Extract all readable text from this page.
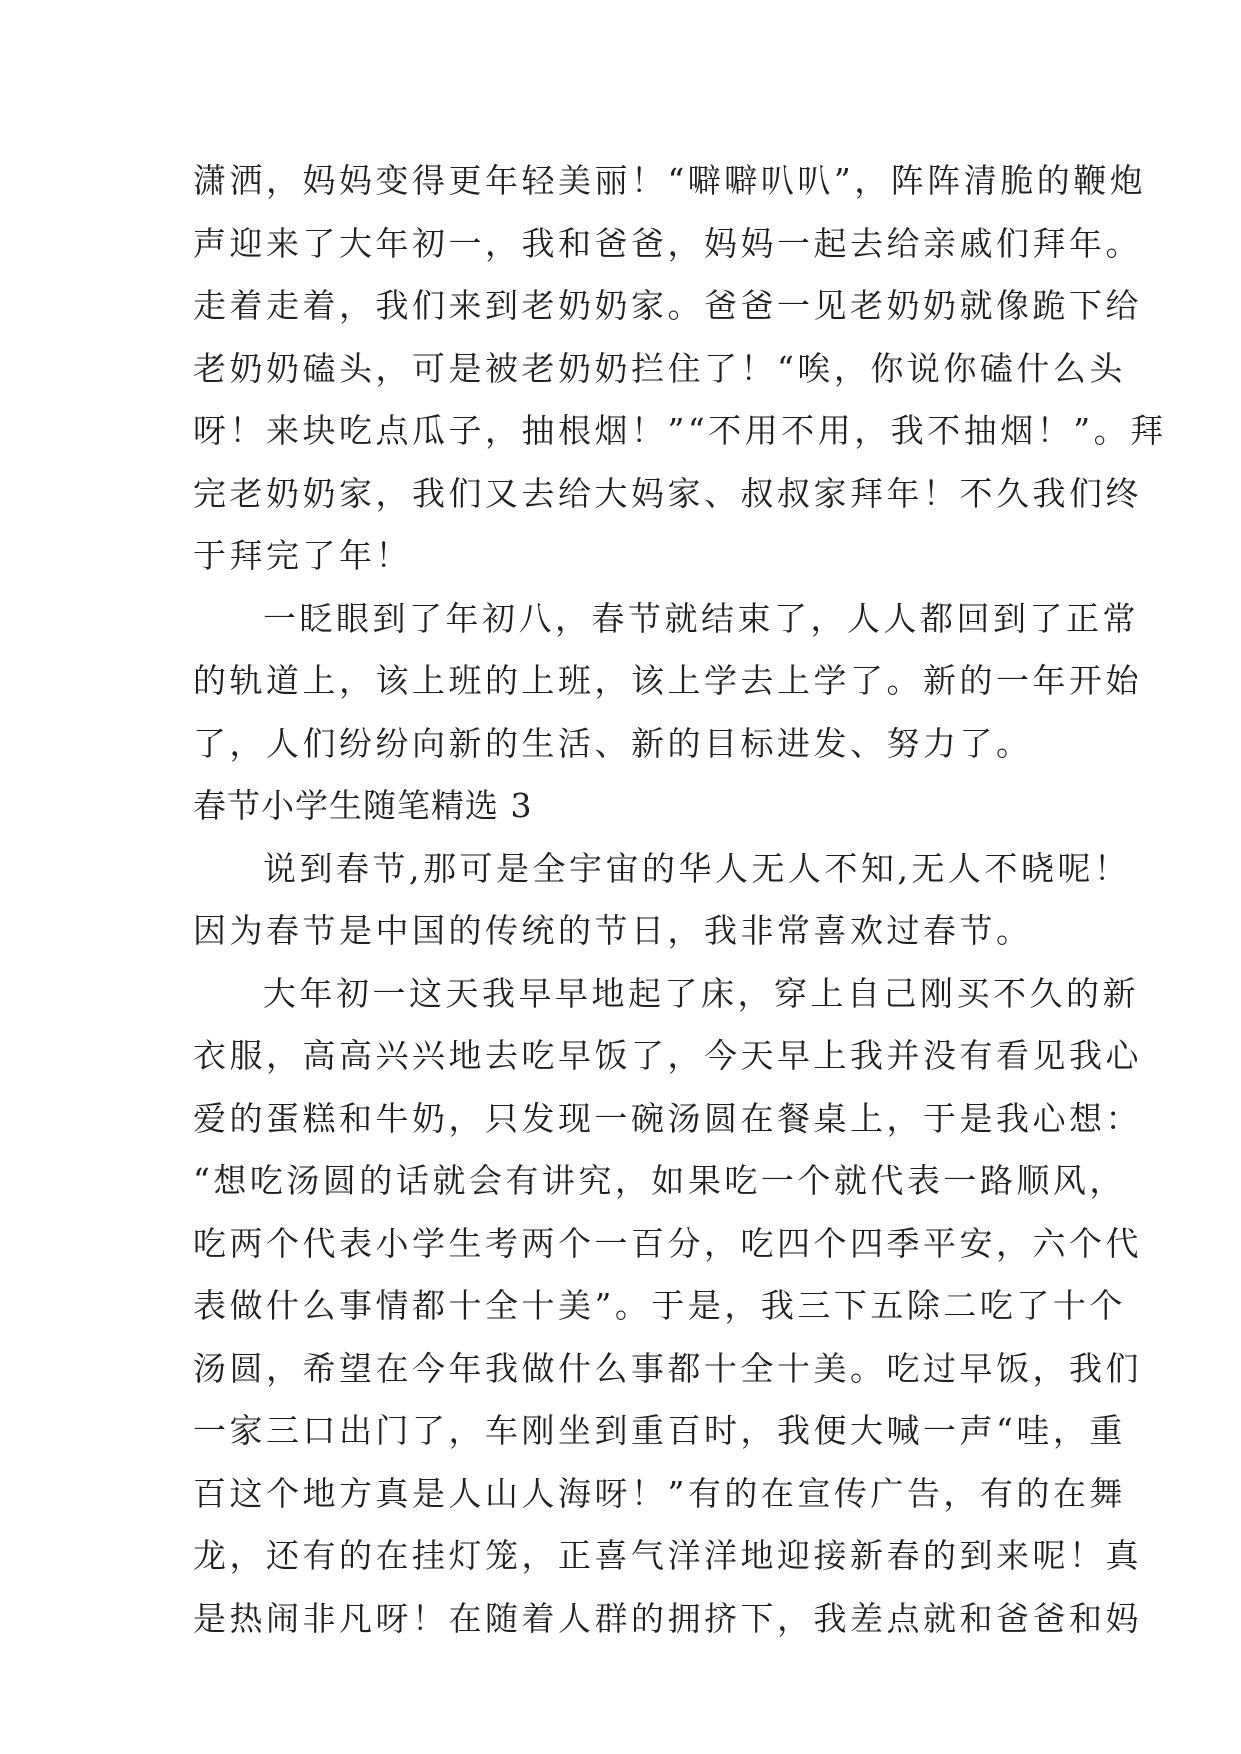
潇洒，妈妈变得更年轻美丽！“噼噼叭叭”，阵阵清脆的鞭炮
声迎来了大年初一，我和爸爸，妈妈一起去给亲戚们拜年。
走着走着，我们来到老奶奶家。爸爸一见老奶奶就像跪下给
老奶奶磕头，可是被老奶奶拦住了！“唉，你说你磕什么头
呀！来块吃点瓜子，抽根烟！”“不用不用，我不抽烟！”。拜
完老奶奶家，我们又去给大妈家、叔叔家拜年！不久我们终
于拜完了年！
一眨眼到了年初八，春节就结束了，人人都回到了正常
的轨道上，该上班的上班，该上学去上学了。新的一年开始
了，人们纷纷向新的生活、新的目标进发、努力了。
春节小学生随笔精选 3
说到春节,那可是全宇宙的华人无人不知,无人不晓呢！
因为春节是中国的传统的节日，我非常喜欢过春节。
大年初一这天我早早地起了床，穿上自己刚买不久的新
衣服，高高兴兴地去吃早饭了，今天早上我并没有看见我心
爱的蛋糕和牛奶，只发现一碗汤圆在餐桌上，于是我心想：
“想吃汤圆的话就会有讲究，如果吃一个就代表一路顺风，
吃两个代表小学生考两个一百分，吃四个四季平安，六个代
表做什么事情都十全十美”。于是，我三下五除二吃了十个
汤圆，希望在今年我做什么事都十全十美。吃过早饭，我们
一家三口出门了，车刚坐到重百时，我便大喊一声“哇，重
百这个地方真是人山人海呀！”有的在宣传广告，有的在舞
龙，还有的在挂灯笼，正喜气洋洋地迎接新春的到来呢！真
是热闹非凡呀！在随着人群的拥挤下，我差点就和爸爸和妈
